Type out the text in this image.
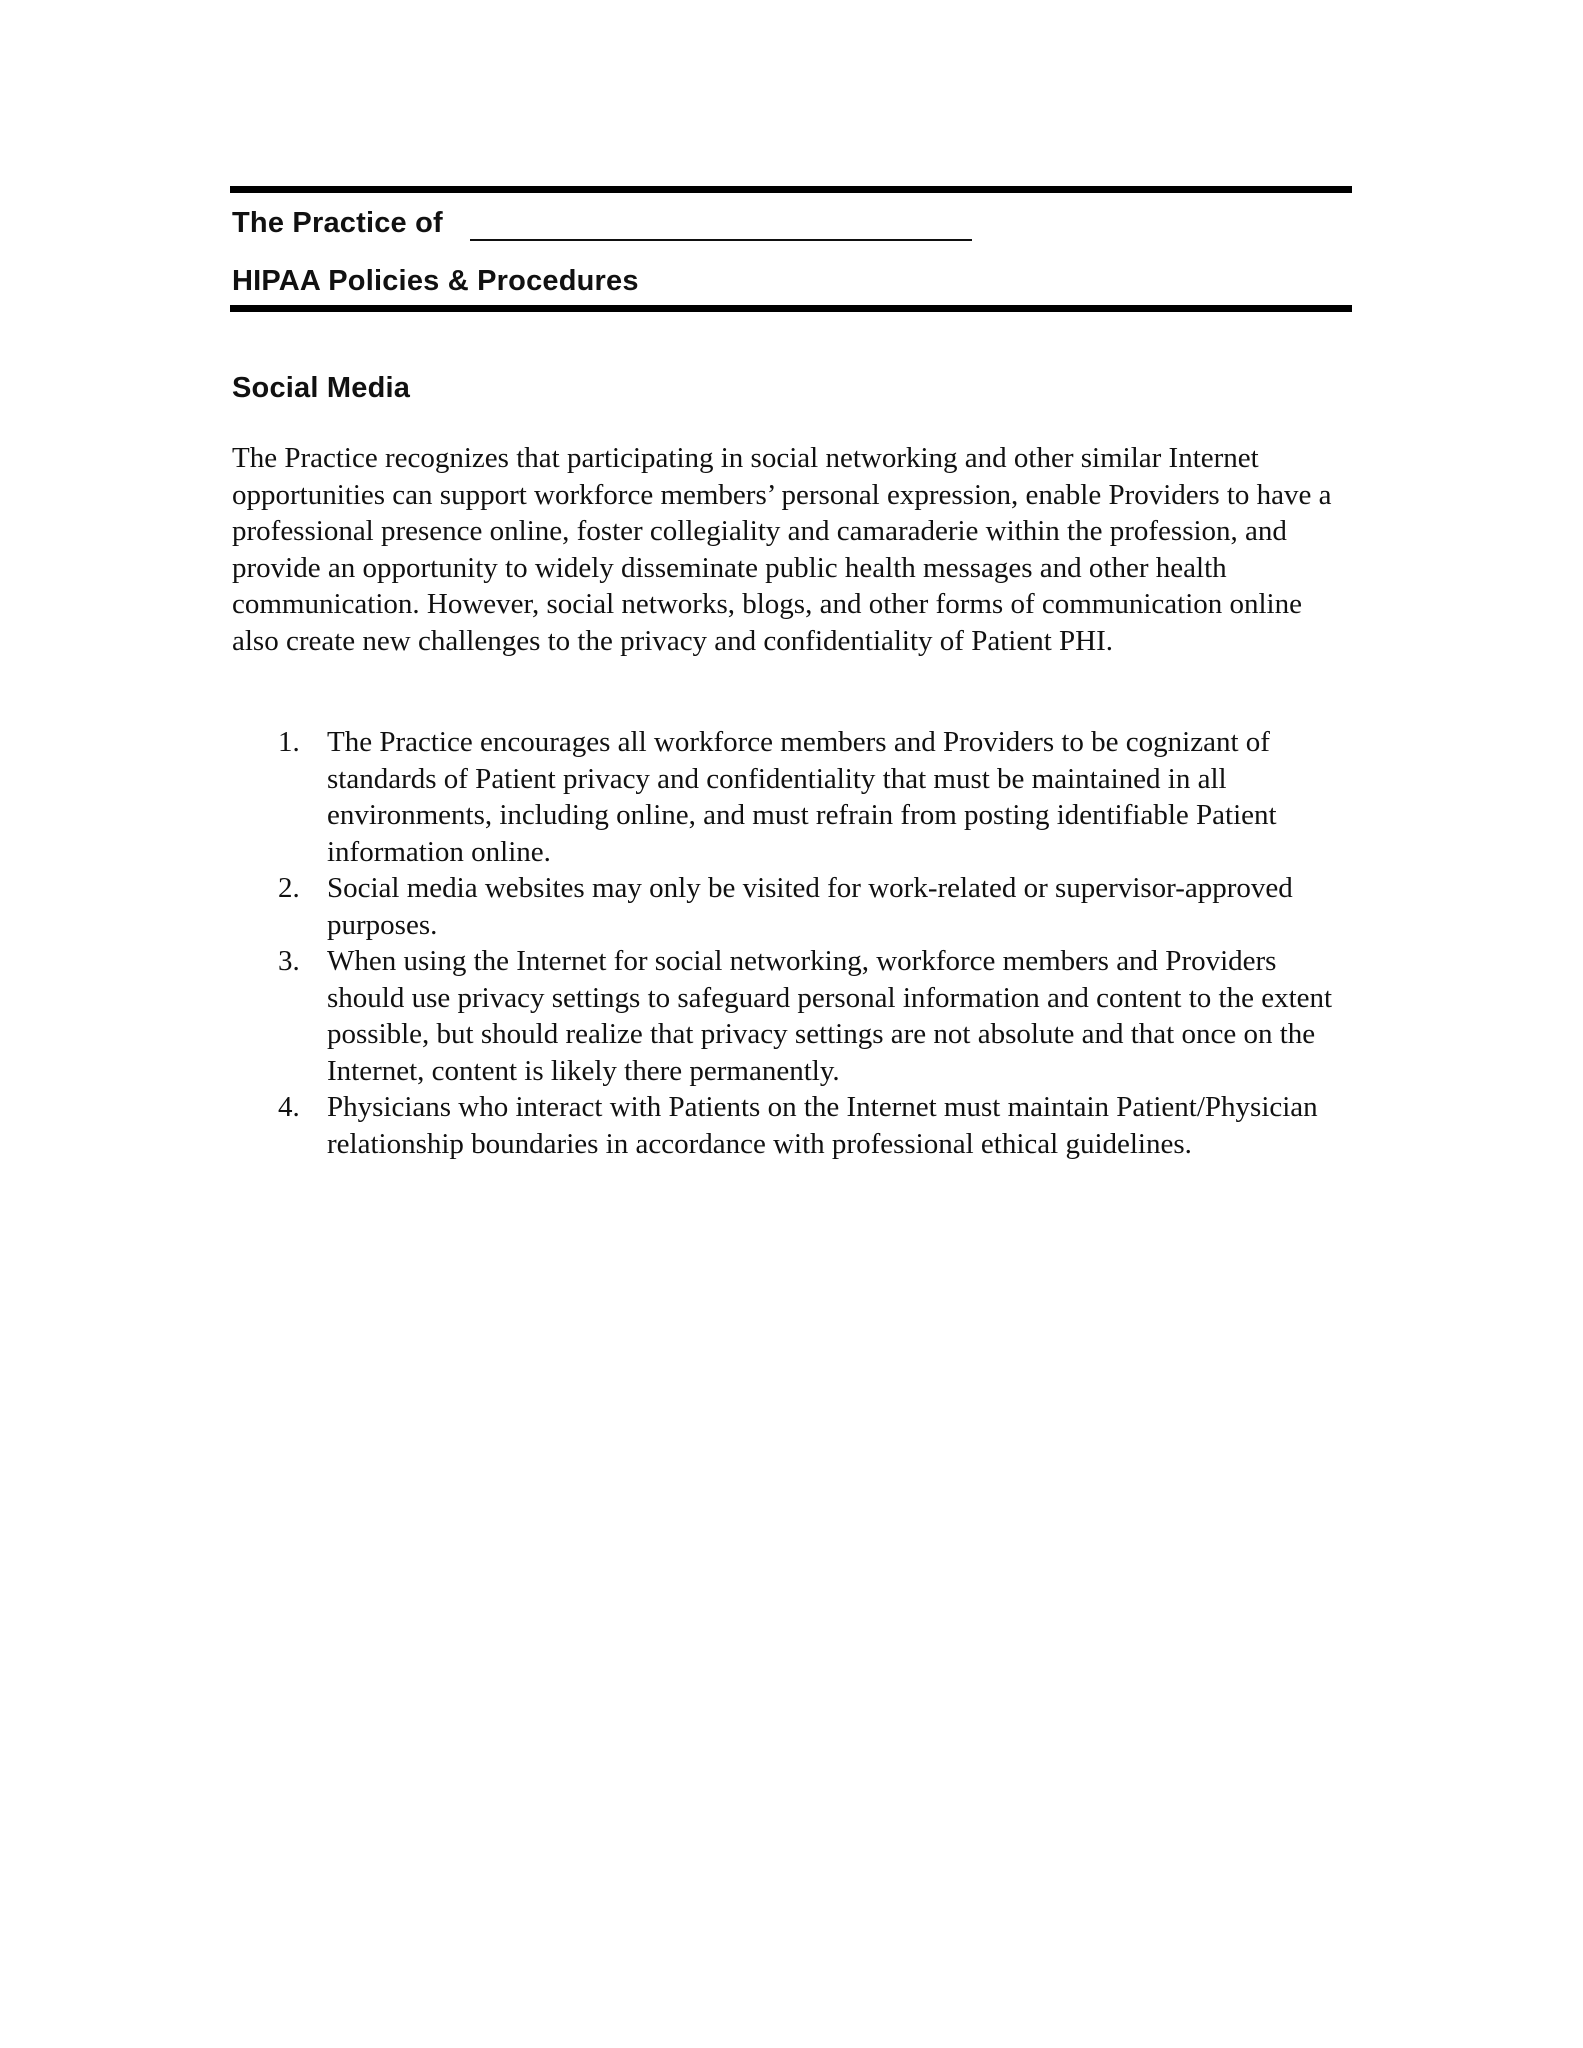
The Practice of
HIPAA Policies & Procedures
Social Media

The Practice recognizes that participating in social networking and other similar Internet opportunities can support workforce members’ personal expression, enable Providers to have a professional presence online, foster collegiality and camaraderie within the profession, and provide an opportunity to widely disseminate public health messages and other health communication. However, social networks, blogs, and other forms of communication online also create new challenges to the privacy and confidentiality of Patient PHI.

1. The Practice encourages all workforce members and Providers to be cognizant of standards of Patient privacy and confidentiality that must be maintained in all environments, including online, and must refrain from posting identifiable Patient information online.
2. Social media websites may only be visited for work-related or supervisor-approved purposes.
3. When using the Internet for social networking, workforce members and Providers should use privacy settings to safeguard personal information and content to the extent possible, but should realize that privacy settings are not absolute and that once on the Internet, content is likely there permanently.
4. Physicians who interact with Patients on the Internet must maintain Patient/Physician relationship boundaries in accordance with professional ethical guidelines.
